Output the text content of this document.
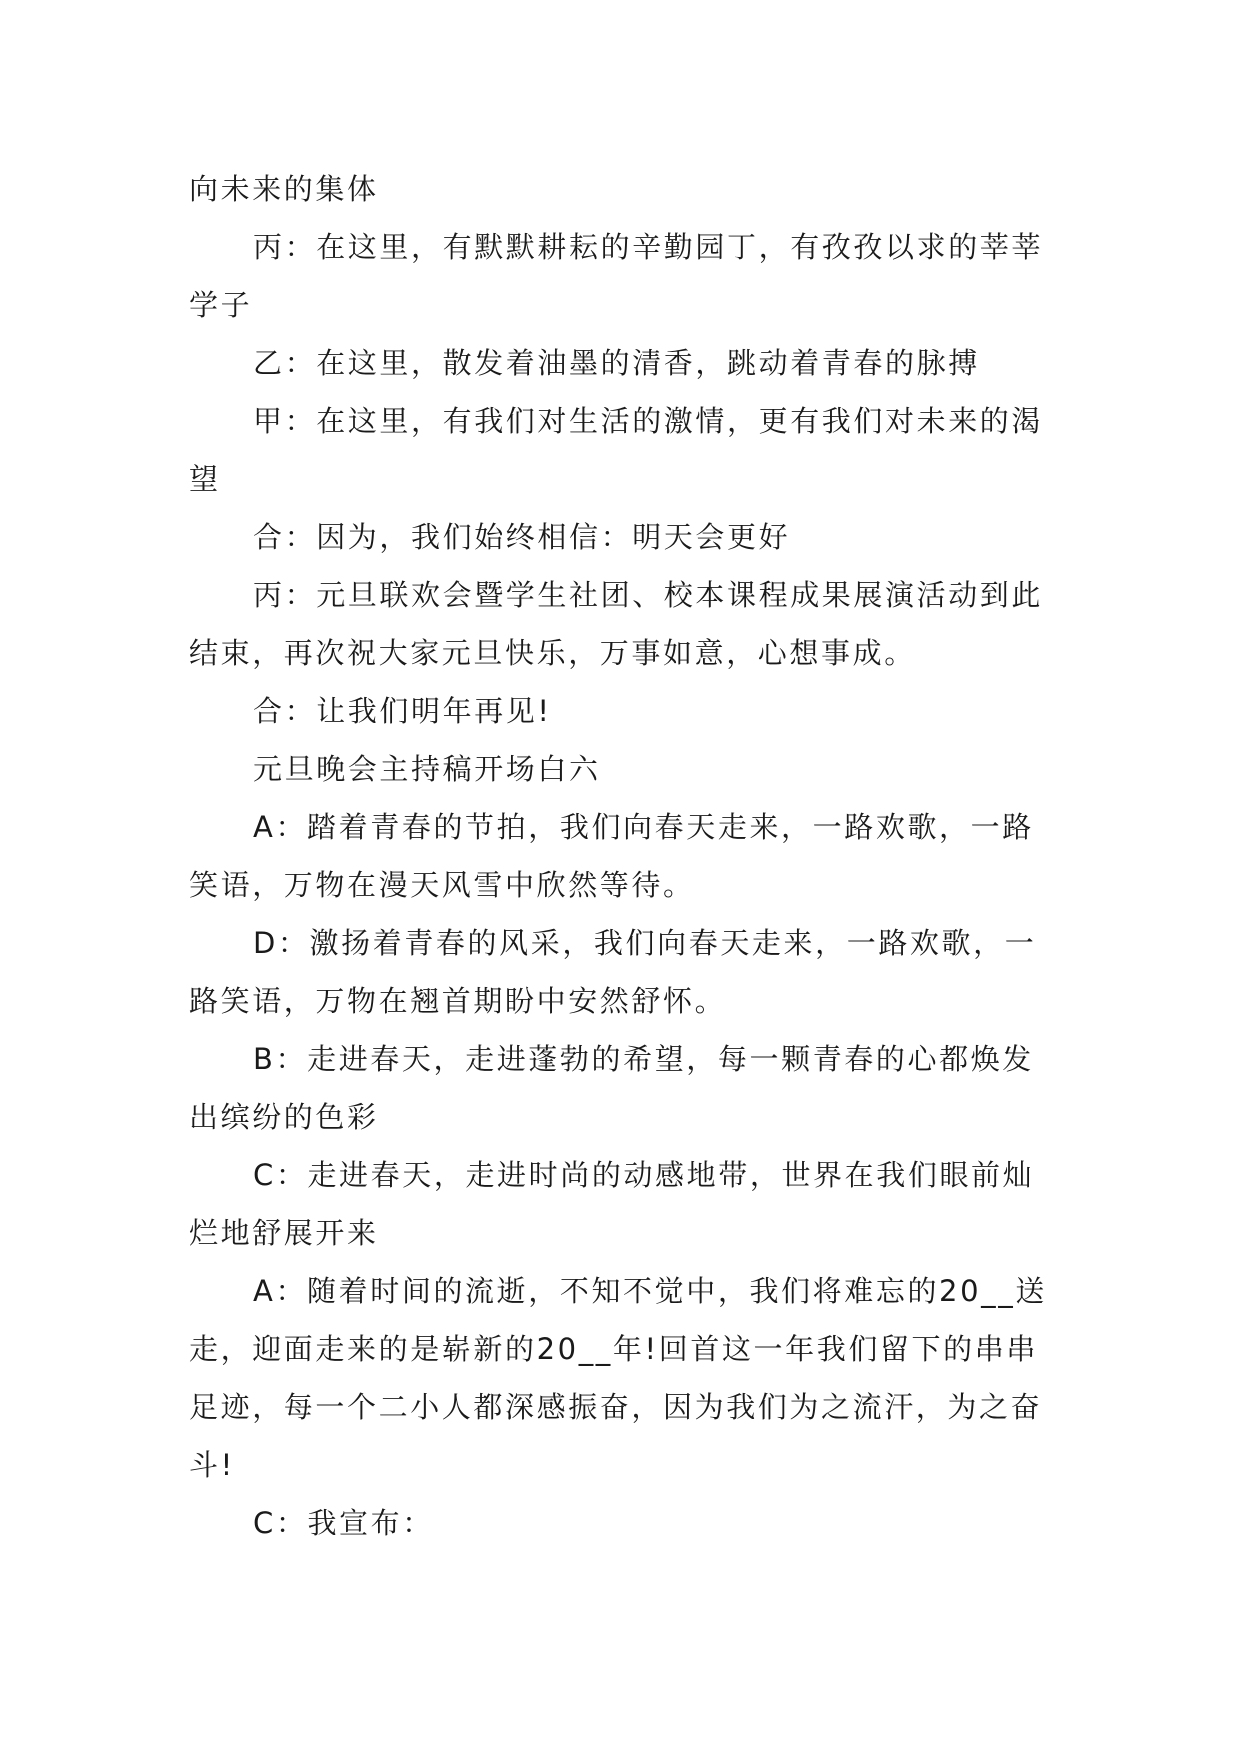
向未来的集体

丙：在这里，有默默耕耘的辛勤园丁，有孜孜以求的莘莘学子

乙：在这里，散发着油墨的清香，跳动着青春的脉搏

甲：在这里，有我们对生活的激情，更有我们对未来的渴望

合：因为，我们始终相信：明天会更好

丙：元旦联欢会暨学生社团、校本课程成果展演活动到此结束，再次祝大家元旦快乐，万事如意，心想事成。

合：让我们明年再见!

元旦晚会主持稿开场白六

A：踏着青春的节拍，我们向春天走来，一路欢歌，一路笑语，万物在漫天风雪中欣然等待。

D：激扬着青春的风采，我们向春天走来，一路欢歌，一路笑语，万物在翘首期盼中安然舒怀。

B：走进春天，走进蓬勃的希望，每一颗青春的心都焕发出缤纷的色彩

C：走进春天，走进时尚的动感地带，世界在我们眼前灿烂地舒展开来

A：随着时间的流逝，不知不觉中，我们将难忘的20__送走，迎面走来的是崭新的20__年!回首这一年我们留下的串串足迹，每一个二小人都深感振奋，因为我们为之流汗，为之奋斗!

C：我宣布：
